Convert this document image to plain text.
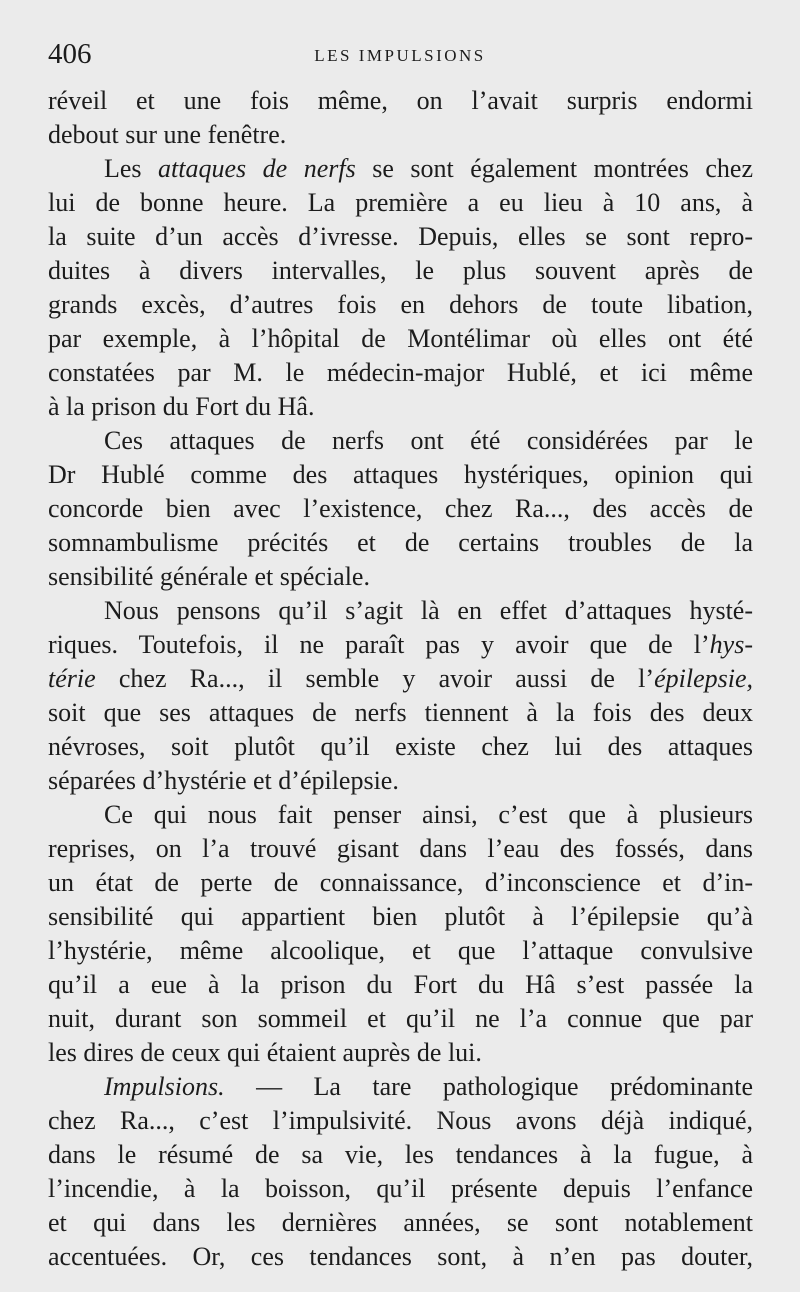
406	LES IMPULSIONS
réveil et une fois même, on l’avait surpris endormi
debout sur une fenêtre.
Les attaques de nerfs se sont également montrées chez
lui de bonne heure. La première a eu lieu à 10 ans, à
la suite d’un accès d’ivresse. Depuis, elles se sont repro-
duites à divers intervalles, le plus souvent après de
grands excès, d’autres fois en dehors de toute libation,
par exemple, à l’hôpital de Montélimar où elles ont été
constatées par M. le médecin-major Hublé, et ici même
à la prison du Fort du Hâ.
Ces attaques de nerfs ont été considérées par le
Dr Hublé comme des attaques hystériques, opinion qui
concorde bien avec l’existence, chez Ra..., des accès de
somnambulisme précités et de certains troubles de la
sensibilité générale et spéciale.
Nous pensons qu’il s’agit là en effet d’attaques hysté-
riques. Toutefois, il ne paraît pas y avoir que de l’hys-
térie chez Ra..., il semble y avoir aussi de l’épilepsie,
soit que ses attaques de nerfs tiennent à la fois des deux
névroses, soit plutôt qu’il existe chez lui des attaques
séparées d’hystérie et d’épilepsie.
Ce qui nous fait penser ainsi, c’est que à plusieurs
reprises, on l’a trouvé gisant dans l’eau des fossés, dans
un état de perte de connaissance, d’inconscience et d’in-
sensibilité qui appartient bien plutôt à l’épilepsie qu’à
l’hystérie, même alcoolique, et que l’attaque convulsive
qu’il a eue à la prison du Fort du Hâ s’est passée la
nuit, durant son sommeil et qu’il ne l’a connue que par
les dires de ceux qui étaient auprès de lui.
Impulsions. — La tare pathologique prédominante
chez Ra..., c’est l’impulsivité. Nous avons déjà indiqué,
dans le résumé de sa vie, les tendances à la fugue, à
l’incendie, à la boisson, qu’il présente depuis l’enfance
et qui dans les dernières années, se sont notablement
accentuées. Or, ces tendances sont, à n’en pas douter,
